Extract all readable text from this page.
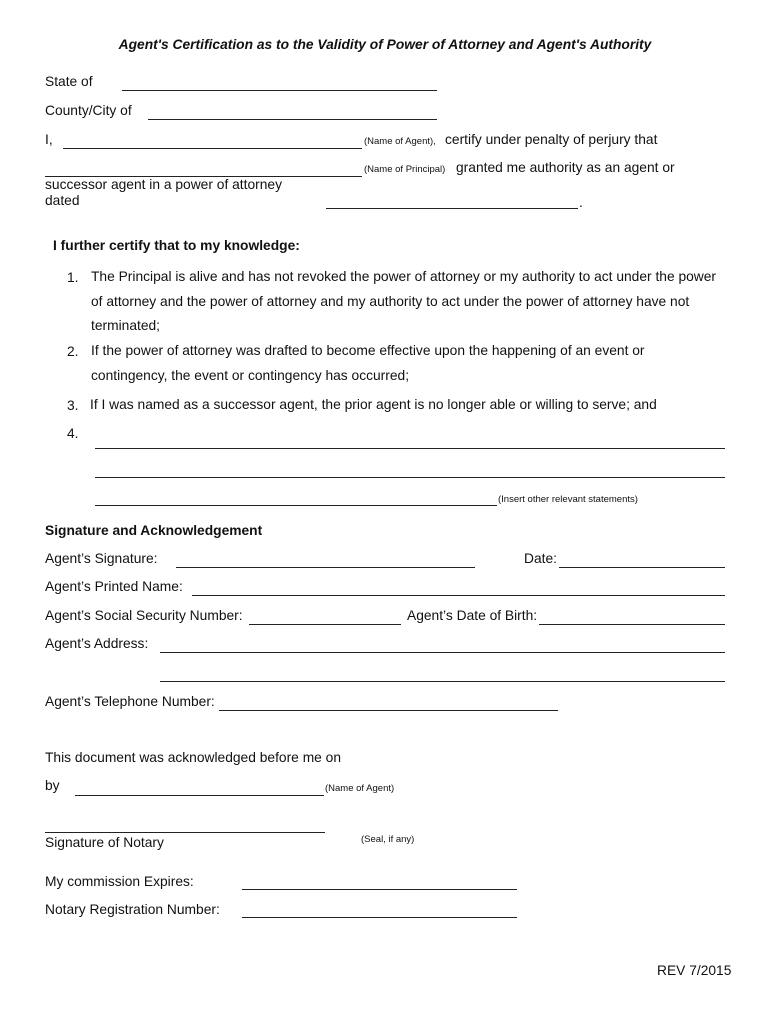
Agent's Certification as to the Validity of Power of Attorney and Agent's Authority
State of
County/City of
I,	(Name of Agent), certify under penalty of perjury that
(Name of Principal) granted me authority as an agent or
successor agent in a power of attorney
dated	.
I further certify that to my knowledge:
1. The Principal is alive and has not revoked the power of attorney or my authority to act under the power of attorney and the power of attorney and my authority to act under the power of attorney have not terminated;
2. If the power of attorney was drafted to become effective upon the happening of an event or contingency, the event or contingency has occurred;
3. If I was named as a successor agent, the prior agent is no longer able or willing to serve; and
4.
(Insert other relevant statements)
Signature and Acknowledgement
Agent’s Signature:	Date:
Agent’s Printed Name:
Agent’s Social Security Number:	Agent’s Date of Birth:
Agent’s Address:
Agent’s Telephone Number:
This document was acknowledged before me on
by	(Name of Agent)
Signature of Notary	(Seal, if any)
My commission Expires:
Notary Registration Number:
REV 7/2015
